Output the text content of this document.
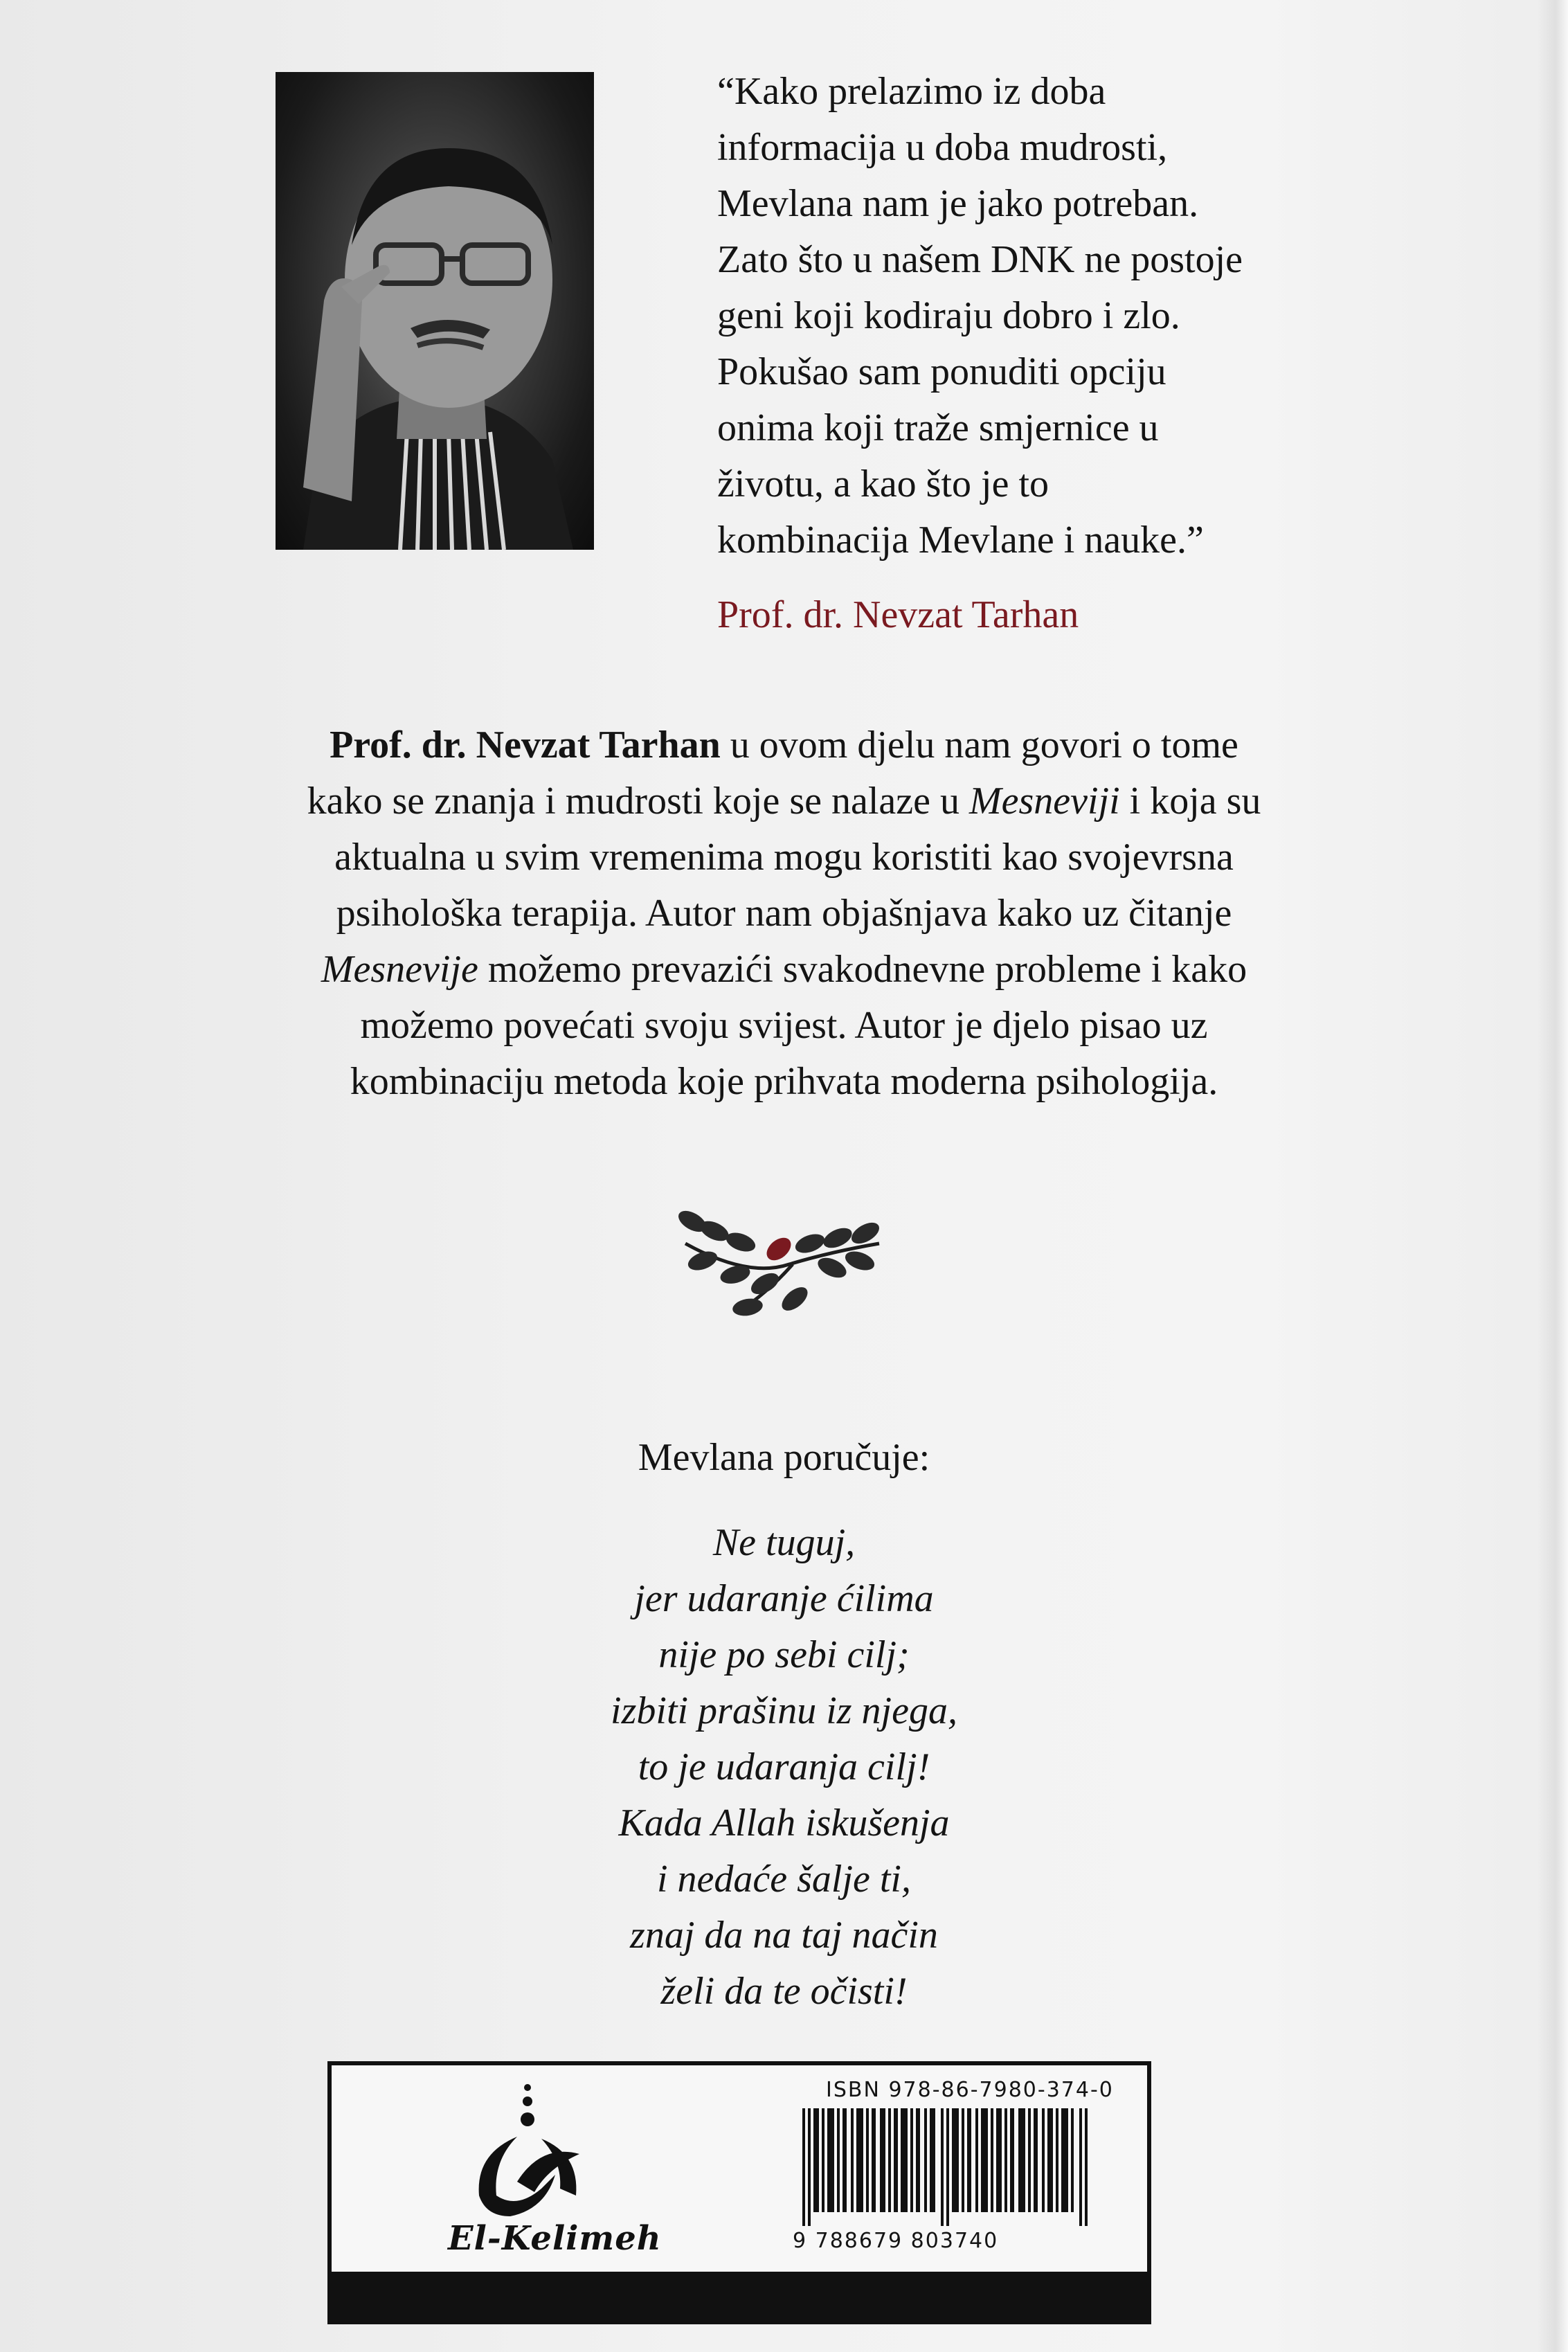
“Kako prelazimo iz doba
informacija u doba mudrosti,
Mevlana nam je jako potreban.
Zato što u našem DNK ne postoje
geni koji kodiraju dobro i zlo.
Pokušao sam ponuditi opciju
onima koji traže smjernice u
životu, a kao što je to
kombinacija Mevlane i nauke.”

Prof. dr. Nevzat Tarhan

Prof. dr. Nevzat Tarhan u ovom djelu nam govori o tome
kako se znanja i mudrosti koje se nalaze u Mesneviji i koja su
aktualna u svim vremenima mogu koristiti kao svojevrsna
psihološka terapija. Autor nam objašnjava kako uz čitanje
Mesnevije možemo prevazići svakodnevne probleme i kako
možemo povećati svoju svijest. Autor je djelo pisao uz
kombinaciju metoda koje prihvata moderna psihologija.

Mevlana poručuje:
Ne tuguj,
jer udaranje ćilima
nije po sebi cilj;
izbiti prašinu iz njega,
to je udaranja cilj!
Kada Allah iskušenja
i nedaće šalje ti,
znaj da na taj način
želi da te očisti!
El-Kelimeh
ISBN 978-86-7980-374-0
9 788679 803740
